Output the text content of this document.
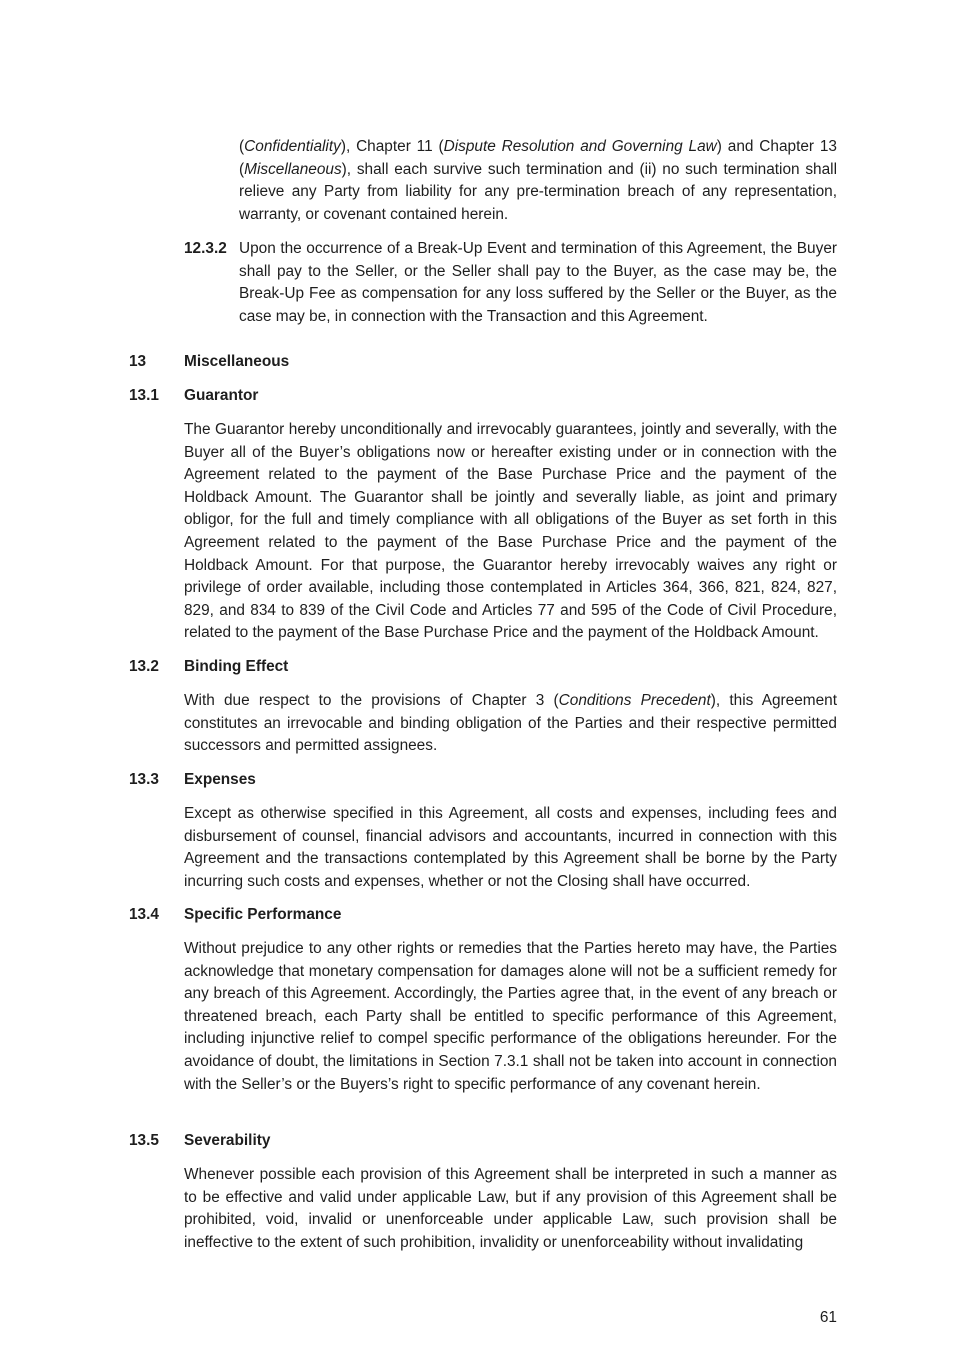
(Confidentiality), Chapter 11 (Dispute Resolution and Governing Law) and Chapter 13 (Miscellaneous), shall each survive such termination and (ii) no such termination shall relieve any Party from liability for any pre-termination breach of any representation, warranty, or covenant contained herein.

12.3.2 Upon the occurrence of a Break-Up Event and termination of this Agreement, the Buyer shall pay to the Seller, or the Seller shall pay to the Buyer, as the case may be, the Break-Up Fee as compensation for any loss suffered by the Seller or the Buyer, as the case may be, in connection with the Transaction and this Agreement.

13 Miscellaneous
13.1 Guarantor

The Guarantor hereby unconditionally and irrevocably guarantees, jointly and severally, with the Buyer all of the Buyer’s obligations now or hereafter existing under or in connection with the Agreement related to the payment of the Base Purchase Price and the payment of the Holdback Amount. The Guarantor shall be jointly and severally liable, as joint and primary obligor, for the full and timely compliance with all obligations of the Buyer as set forth in this Agreement related to the payment of the Base Purchase Price and the payment of the Holdback Amount. For that purpose, the Guarantor hereby irrevocably waives any right or privilege of order available, including those contemplated in Articles 364, 366, 821, 824, 827, 829, and 834 to 839 of the Civil Code and Articles 77 and 595 of the Code of Civil Procedure, related to the payment of the Base Purchase Price and the payment of the Holdback Amount.

13.2 Binding Effect

With due respect to the provisions of Chapter 3 (Conditions Precedent), this Agreement constitutes an irrevocable and binding obligation of the Parties and their respective permitted successors and permitted assignees.

13.3 Expenses

Except as otherwise specified in this Agreement, all costs and expenses, including fees and disbursement of counsel, financial advisors and accountants, incurred in connection with this Agreement and the transactions contemplated by this Agreement shall be borne by the Party incurring such costs and expenses, whether or not the Closing shall have occurred.

13.4 Specific Performance

Without prejudice to any other rights or remedies that the Parties hereto may have, the Parties acknowledge that monetary compensation for damages alone will not be a sufficient remedy for any breach of this Agreement. Accordingly, the Parties agree that, in the event of any breach or threatened breach, each Party shall be entitled to specific performance of this Agreement, including injunctive relief to compel specific performance of the obligations hereunder. For the avoidance of doubt, the limitations in Section 7.3.1 shall not be taken into account in connection with the Seller’s or the Buyers’s right to specific performance of any covenant herein.

13.5 Severability

Whenever possible each provision of this Agreement shall be interpreted in such a manner as to be effective and valid under applicable Law, but if any provision of this Agreement shall be prohibited, void, invalid or unenforceable under applicable Law, such provision shall be ineffective to the extent of such prohibition, invalidity or unenforceability without invalidating

61
